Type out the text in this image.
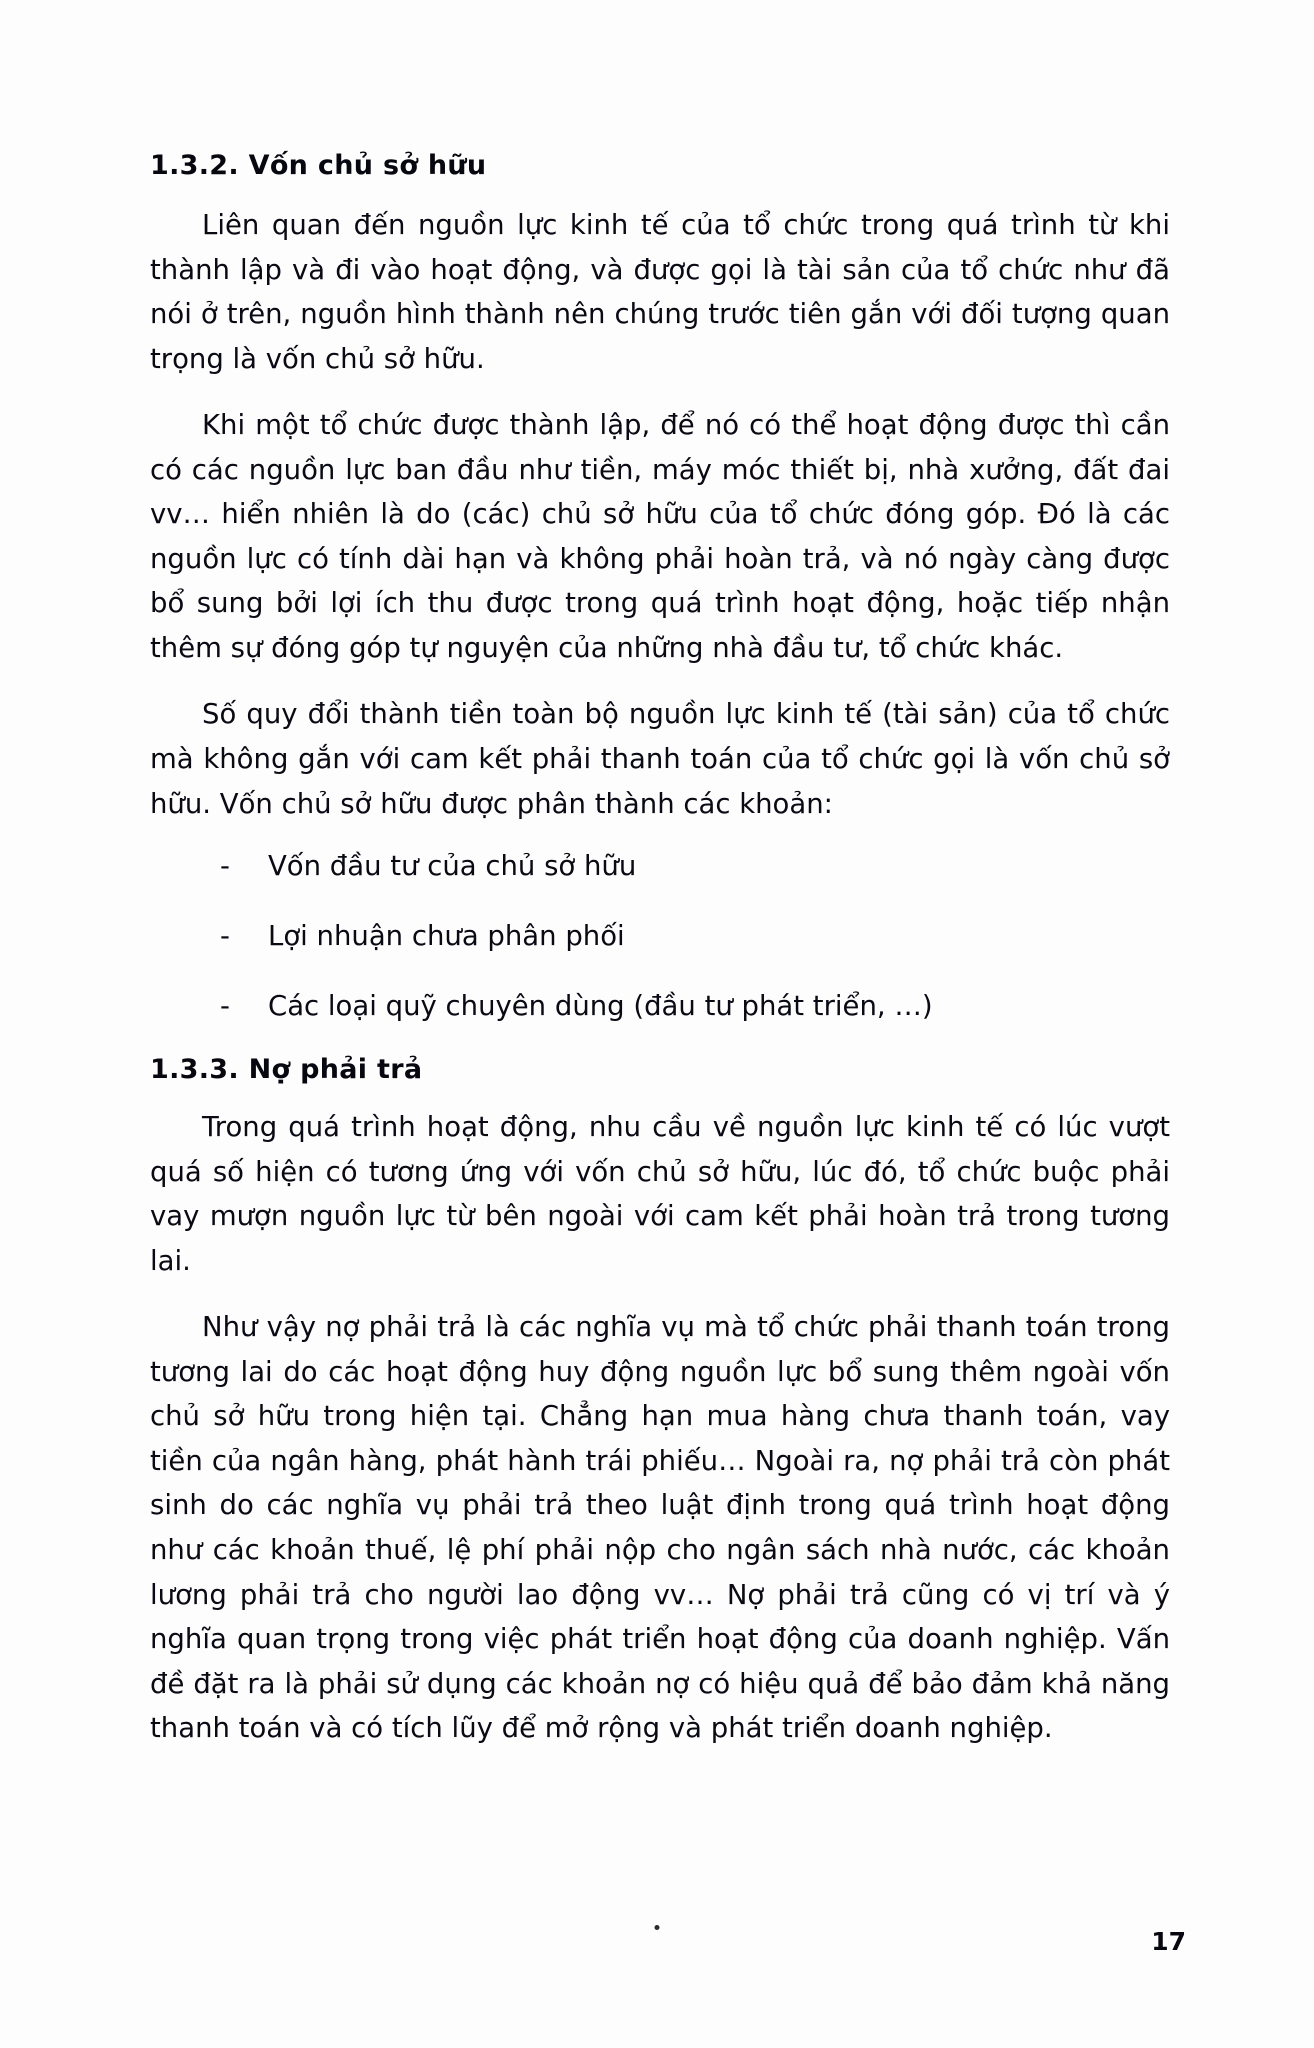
1.3.2. Vốn chủ sở hữu

Liên quan đến nguồn lực kinh tế của tổ chức trong quá trình từ khi thành lập và đi vào hoạt động, và được gọi là tài sản của tổ chức như đã nói ở trên, nguồn hình thành nên chúng trước tiên gắn với đối tượng quan trọng là vốn chủ sở hữu.

Khi một tổ chức được thành lập, để nó có thể hoạt động được thì cần có các nguồn lực ban đầu như tiền, máy móc thiết bị, nhà xưởng, đất đai vv… hiển nhiên là do (các) chủ sở hữu của tổ chức đóng góp. Đó là các nguồn lực có tính dài hạn và không phải hoàn trả, và nó ngày càng được bổ sung bởi lợi ích thu được trong quá trình hoạt động, hoặc tiếp nhận thêm sự đóng góp tự nguyện của những nhà đầu tư, tổ chức khác.

Số quy đổi thành tiền toàn bộ nguồn lực kinh tế (tài sản) của tổ chức mà không gắn với cam kết phải thanh toán của tổ chức gọi là vốn chủ sở hữu. Vốn chủ sở hữu được phân thành các khoản:

- Vốn đầu tư của chủ sở hữu
- Lợi nhuận chưa phân phối
- Các loại quỹ chuyên dùng (đầu tư phát triển, …)
1.3.3. Nợ phải trả

Trong quá trình hoạt động, nhu cầu về nguồn lực kinh tế có lúc vượt quá số hiện có tương ứng với vốn chủ sở hữu, lúc đó, tổ chức buộc phải vay mượn nguồn lực từ bên ngoài với cam kết phải hoàn trả trong tương lai.

Như vậy nợ phải trả là các nghĩa vụ mà tổ chức phải thanh toán trong tương lai do các hoạt động huy động nguồn lực bổ sung thêm ngoài vốn chủ sở hữu trong hiện tại. Chẳng hạn mua hàng chưa thanh toán, vay tiền của ngân hàng, phát hành trái phiếu… Ngoài ra, nợ phải trả còn phát sinh do các nghĩa vụ phải trả theo luật định trong quá trình hoạt động như các khoản thuế, lệ phí phải nộp cho ngân sách nhà nước, các khoản lương phải trả cho người lao động vv… Nợ phải trả cũng có vị trí và ý nghĩa quan trọng trong việc phát triển hoạt động của doanh nghiệp. Vấn đề đặt ra là phải sử dụng các khoản nợ có hiệu quả để bảo đảm khả năng thanh toán và có tích lũy để mở rộng và phát triển doanh nghiệp.

17
